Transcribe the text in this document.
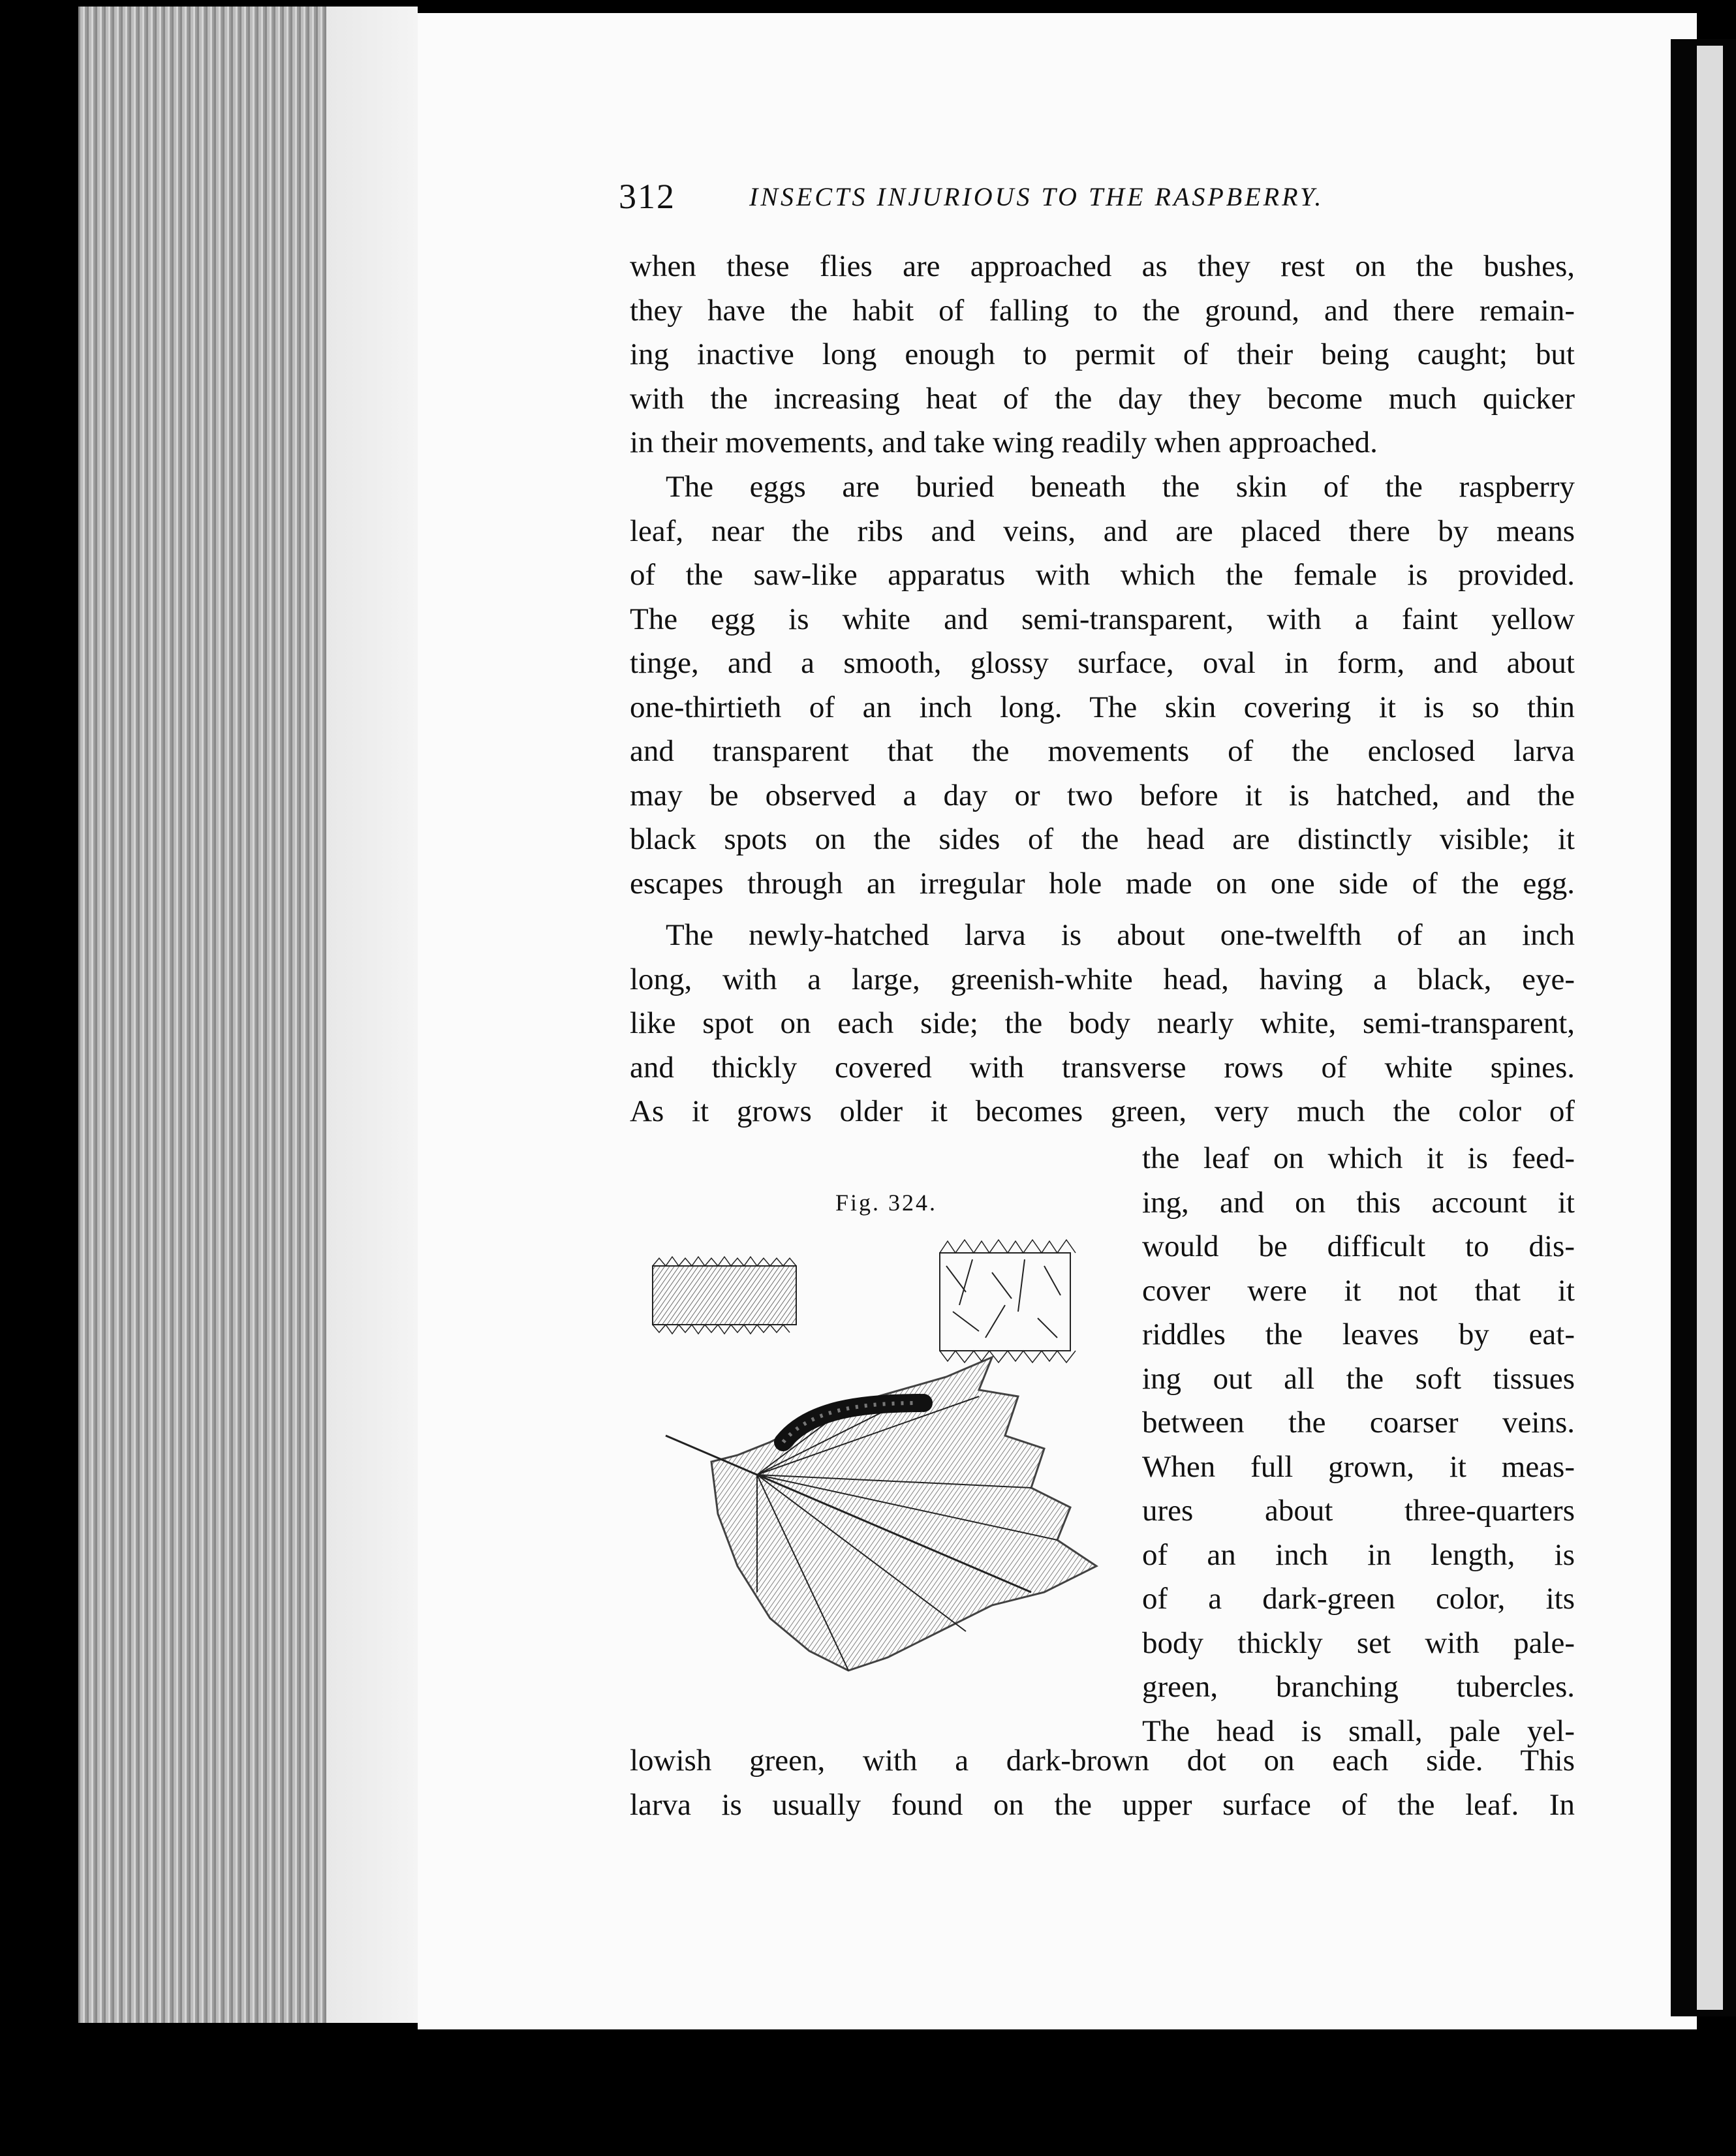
312	INSECTS INJURIOUS TO THE RASPBERRY.
when these flies are approached as they rest on the bushes,
they have the habit of falling to the ground, and there remain-
ing inactive long enough to permit of their being caught; but
with the increasing heat of the day they become much quicker
in their movements, and take wing readily when approached.
The eggs are buried beneath the skin of the raspberry
leaf, near the ribs and veins, and are placed there by means
of the saw-like apparatus with which the female is provided.
The egg is white and semi-transparent, with a faint yellow
tinge, and a smooth, glossy surface, oval in form, and about
one-thirtieth of an inch long. The skin covering it is so thin
and transparent that the movements of the enclosed larva
may be observed a day or two before it is hatched, and the
black spots on the sides of the head are distinctly visible; it
escapes through an irregular hole made on one side of the egg.
The newly-hatched larva is about one-twelfth of an inch
long, with a large, greenish-white head, having a black, eye-
like spot on each side; the body nearly white, semi-transparent,
and thickly covered with transverse rows of white spines.
As it grows older it becomes green, very much the color of
Fig. 324.
the leaf on which it is feed-
ing, and on this account it
would be difficult to dis-
cover were it not that it
riddles the leaves by eat-
ing out all the soft tissues
between the coarser veins.
When full grown, it meas-
ures about three-quarters
of an inch in length, is
of a dark-green color, its
body thickly set with pale-
green, branching tubercles.
The head is small, pale yel-
lowish green, with a dark-brown dot on each side. This
larva is usually found on the upper surface of the leaf. In
